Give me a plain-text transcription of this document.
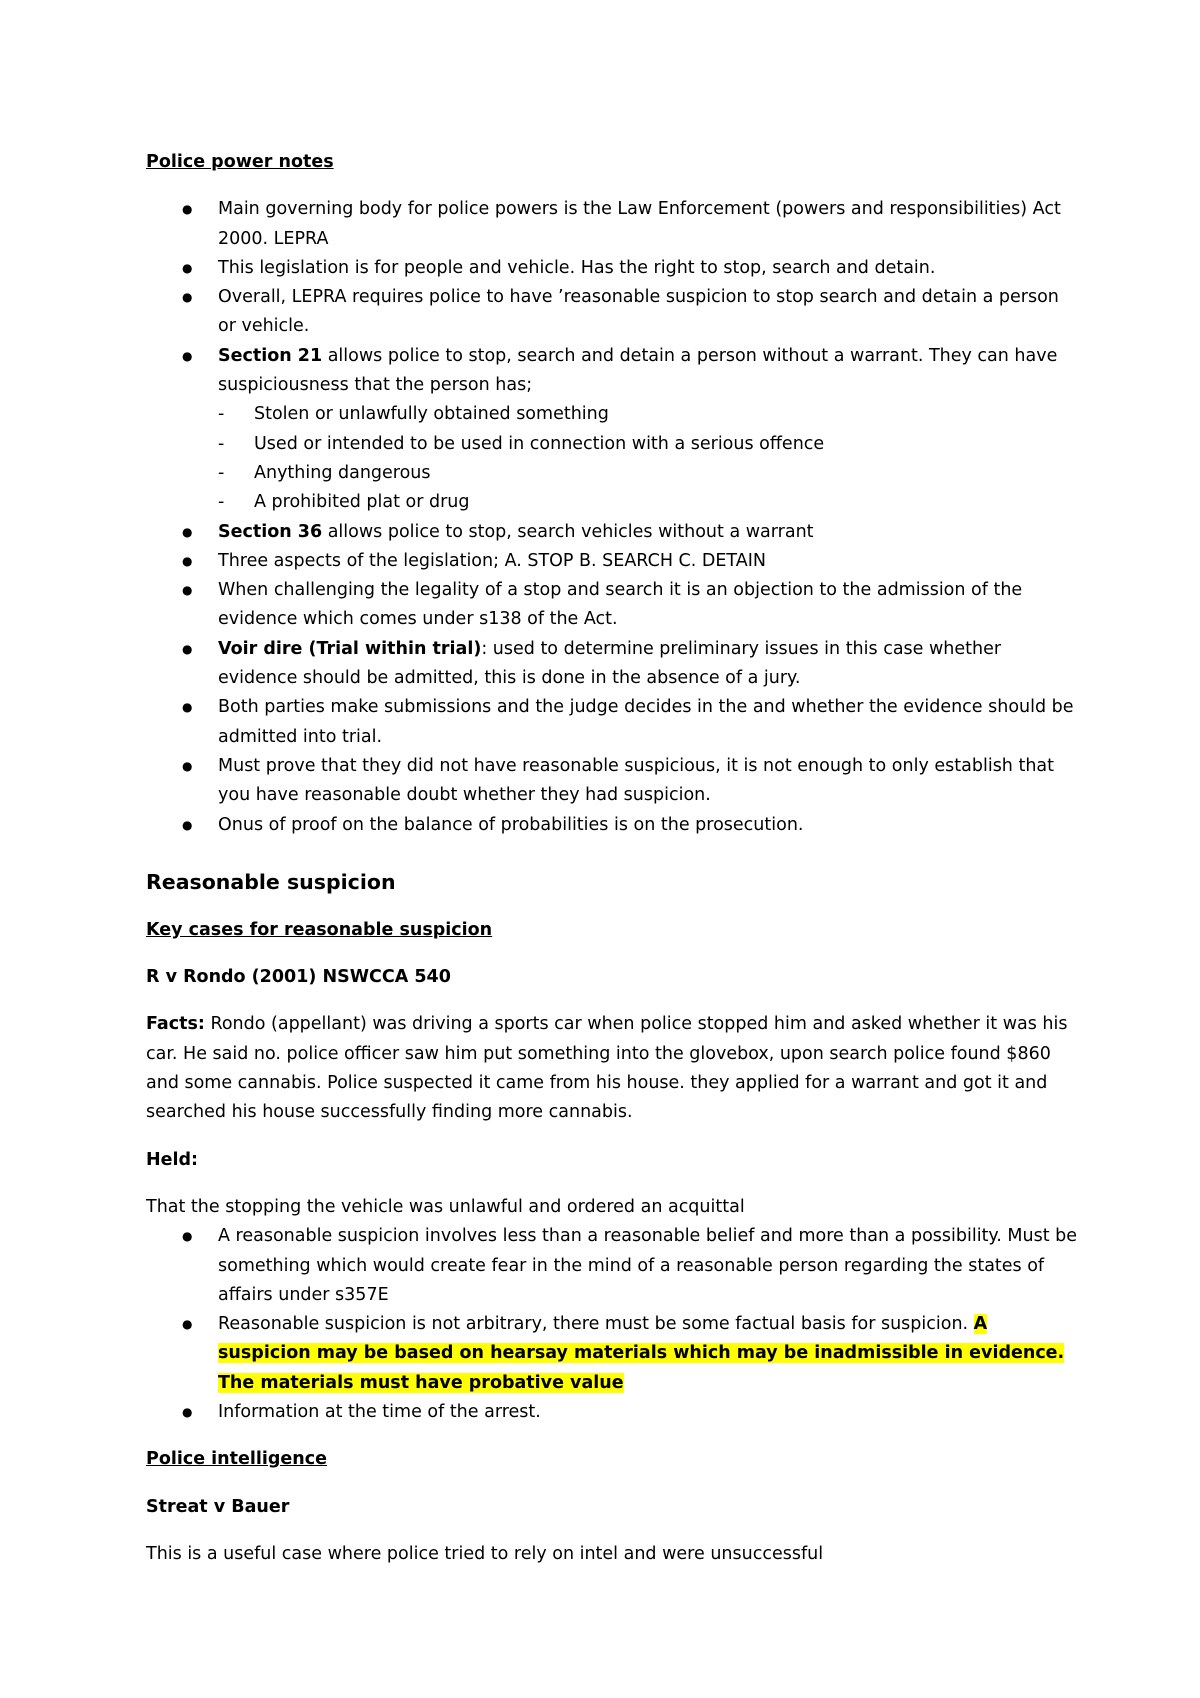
Police power notes
● Main governing body for police powers is the Law Enforcement (powers and responsibilities) Act 2000. LEPRA
● This legislation is for people and vehicle. Has the right to stop, search and detain.
● Overall, LEPRA requires police to have ’reasonable suspicion to stop search and detain a person or vehicle.
● Section 21 allows police to stop, search and detain a person without a warrant. They can have suspiciousness that the person has;
- Stolen or unlawfully obtained something
- Used or intended to be used in connection with a serious offence
- Anything dangerous
- A prohibited plat or drug
● Section 36 allows police to stop, search vehicles without a warrant
● Three aspects of the legislation; A. STOP B. SEARCH C. DETAIN
● When challenging the legality of a stop and search it is an objection to the admission of the evidence which comes under s138 of the Act.
● Voir dire (Trial within trial): used to determine preliminary issues in this case whether evidence should be admitted, this is done in the absence of a jury.
● Both parties make submissions and the judge decides in the and whether the evidence should be admitted into trial.
● Must prove that they did not have reasonable suspicious, it is not enough to only establish that you have reasonable doubt whether they had suspicion.
● Onus of proof on the balance of probabilities is on the prosecution.
Reasonable suspicion
Key cases for reasonable suspicion
R v Rondo (2001) NSWCCA 540
Facts: Rondo (appellant) was driving a sports car when police stopped him and asked whether it was his car. He said no. police officer saw him put something into the glovebox, upon search police found $860 and some cannabis. Police suspected it came from his house. they applied for a warrant and got it and searched his house successfully finding more cannabis.
Held:
That the stopping the vehicle was unlawful and ordered an acquittal
● A reasonable suspicion involves less than a reasonable belief and more than a possibility. Must be something which would create fear in the mind of a reasonable person regarding the states of affairs under s357E
● Reasonable suspicion is not arbitrary, there must be some factual basis for suspicion. A suspicion may be based on hearsay materials which may be inadmissible in evidence. The materials must have probative value
● Information at the time of the arrest.
Police intelligence
Streat v Bauer
This is a useful case where police tried to rely on intel and were unsuccessful
